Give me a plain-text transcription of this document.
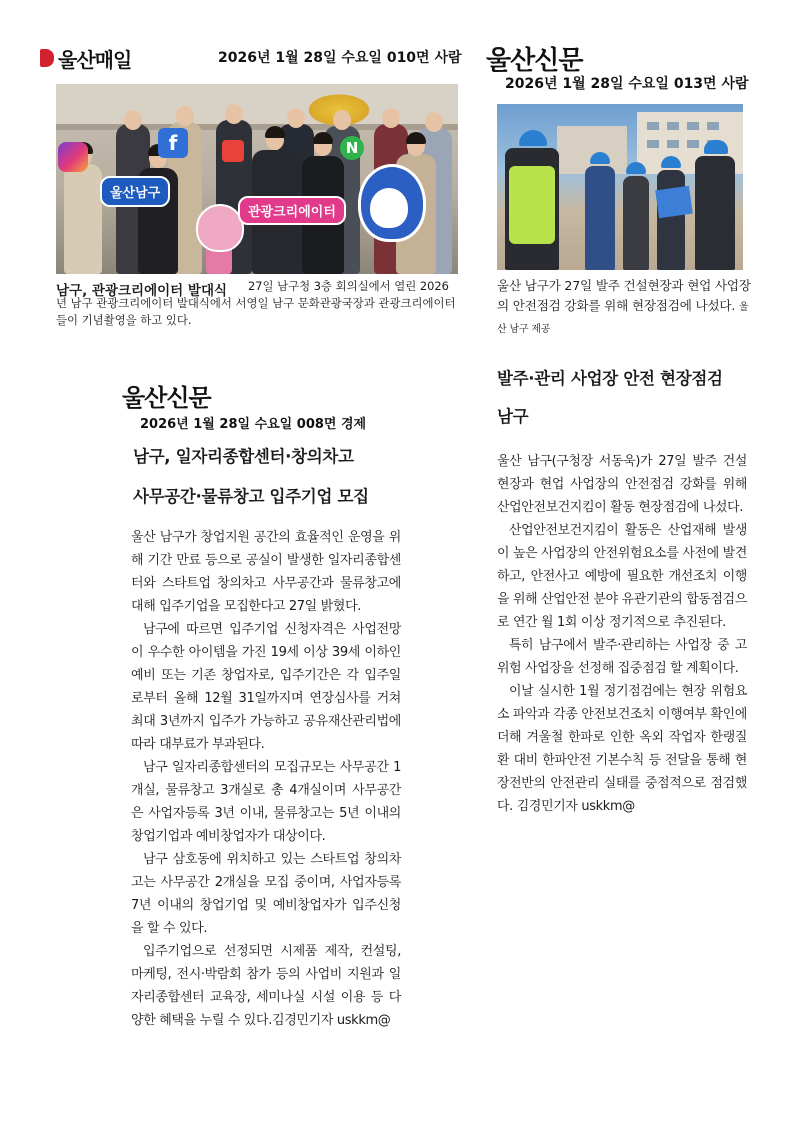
울산매일	2026년 1월 28일 수요일 010면 사람
f	N
울산남구
관광크리에이터
남구, 관광크리에이터 발대식	27일 남구청 3층 회의실에서 열린 2026년 남구 관광크리에이터 발대식에서 서영일 남구 문화관광국장과 관광크리에이터들이 기념촬영을 하고 있다.
울산신문
2026년 1월 28일 수요일 013면 사람
울산 남구가 27일 발주 건설현장과 현업 사업장의 안전점검 강화를 위해 현장점검에 나섰다. 울산 남구 제공
발주·관리 사업장 안전 현장점검
남구

울산 남구(구청장 서동욱)가 27일 발주 건설현장과 현업 사업장의 안전점검 강화를 위해 산업안전보건지킴이 활동 현장점검에 나섰다.

산업안전보건지킴이 활동은 산업재해 발생이 높은 사업장의 안전위험요소를 사전에 발견하고, 안전사고 예방에 필요한 개선조치 이행을 위해 산업안전 분야 유관기관의 합동점검으로 연간 월 1회 이상 정기적으로 추진된다.

특히 남구에서 발주·관리하는 사업장 중 고위험 사업장을 선정해 집중점검 할 계획이다.

이날 실시한 1월 정기점검에는 현장 위험요소 파악과 각종 안전보건조치 이행여부 확인에 더해 겨울철 한파로 인한 옥외 작업자 한랭질환 대비 한파안전 기본수칙 등 전달을 통해 현장전반의 안전관리 실태를 중점적으로 점검했다. 김경민기자 uskkm@

울산신문
2026년 1월 28일 수요일 008면 경제
남구, 일자리종합센터·창의차고
사무공간·물류창고 입주기업 모집

울산 남구가 창업지원 공간의 효율적인 운영을 위해 기간 만료 등으로 공실이 발생한 일자리종합센터와 스타트업 창의차고 사무공간과 물류창고에 대해 입주기업을 모집한다고 27일 밝혔다.

남구에 따르면 입주기업 신청자격은 사업전망이 우수한 아이템을 가진 19세 이상 39세 이하인 예비 또는 기존 창업자로, 입주기간은 각 입주일로부터 올해 12월 31일까지며 연장심사를 거쳐 최대 3년까지 입주가 가능하고 공유재산관리법에 따라 대부료가 부과된다.

남구 일자리종합센터의 모집규모는 사무공간 1개실, 물류창고 3개실로 총 4개실이며 사무공간은 사업자등록 3년 이내, 물류창고는 5년 이내의 창업기업과 예비창업자가 대상이다.

남구 삼호동에 위치하고 있는 스타트업 창의차고는 사무공간 2개실을 모집 중이며, 사업자등록 7년 이내의 창업기업 및 예비창업자가 입주신청을 할 수 있다.

입주기업으로 선정되면 시제품 제작, 컨설팅, 마케팅, 전시·박람회 참가 등의 사업비 지원과 일자리종합센터 교육장, 세미나실 시설 이용 등 다양한 혜택을 누릴 수 있다.김경민기자 uskkm@
